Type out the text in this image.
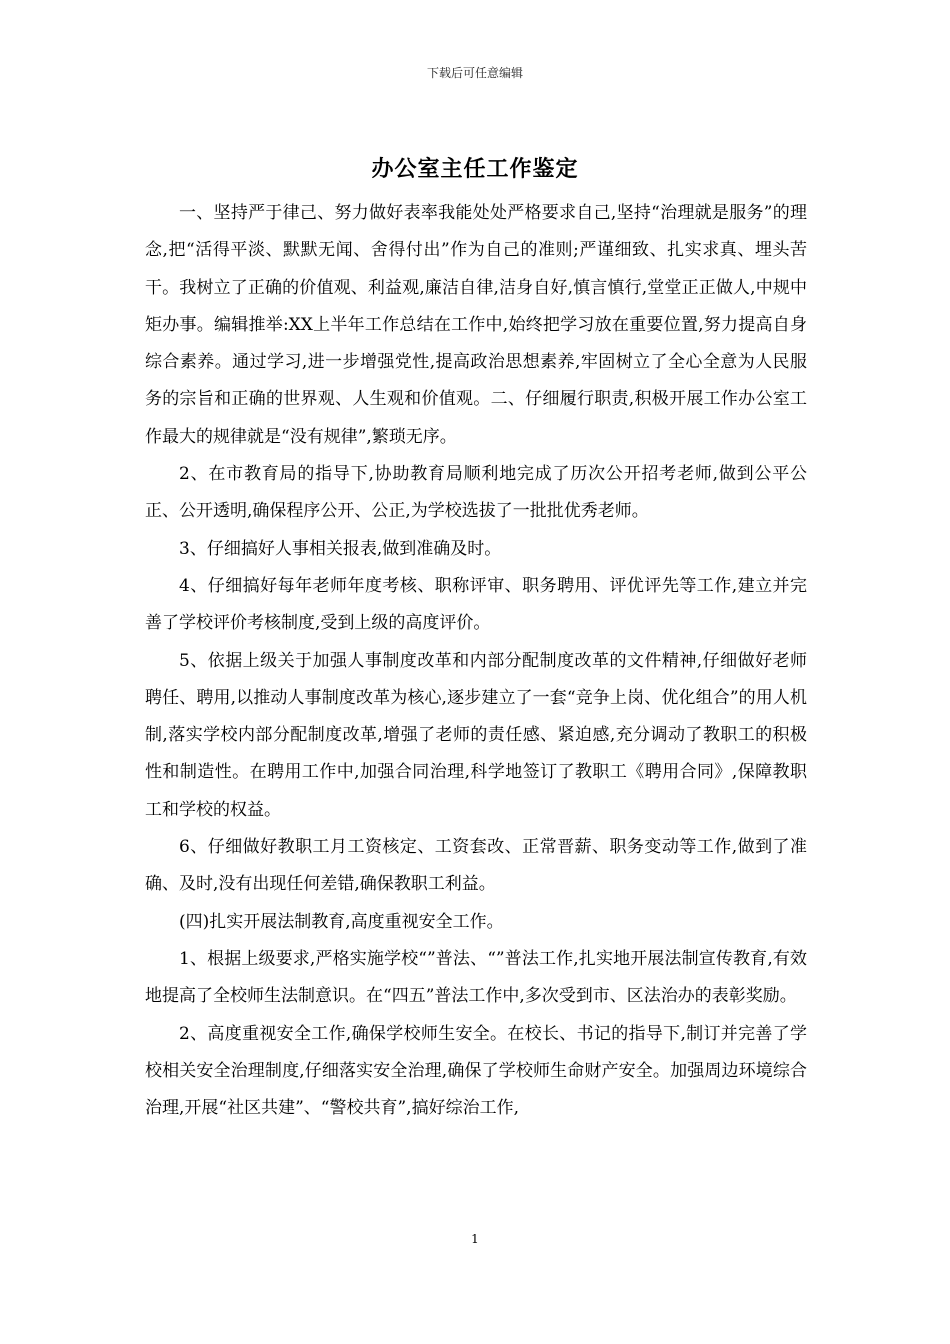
下载后可任意编辑
办公室主任工作鉴定

一、坚持严于律己、努力做好表率我能处处严格要求自己,坚持“治理就是服务”的理念,把“活得平淡、默默无闻、舍得付出”作为自己的准则;严谨细致、扎实求真、埋头苦干。我树立了正确的价值观、利益观,廉洁自律,洁身自好,慎言慎行,堂堂正正做人,中规中矩办事。编辑推举:XX上半年工作总结在工作中,始终把学习放在重要位置,努力提高自身综合素养。通过学习,进一步增强党性,提高政治思想素养,牢固树立了全心全意为人民服务的宗旨和正确的世界观、人生观和价值观。二、仔细履行职责,积极开展工作办公室工作最大的规律就是“没有规律”,繁琐无序。

2、在市教育局的指导下,协助教育局顺利地完成了历次公开招考老师,做到公平公正、公开透明,确保程序公开、公正,为学校选拔了一批批优秀老师。

3、仔细搞好人事相关报表,做到准确及时。

4、仔细搞好每年老师年度考核、职称评审、职务聘用、评优评先等工作,建立并完善了学校评价考核制度,受到上级的高度评价。

5、依据上级关于加强人事制度改革和内部分配制度改革的文件精神,仔细做好老师聘任、聘用,以推动人事制度改革为核心,逐步建立了一套“竞争上岗、优化组合”的用人机制,落实学校内部分配制度改革,增强了老师的责任感、紧迫感,充分调动了教职工的积极性和制造性。在聘用工作中,加强合同治理,科学地签订了教职工《聘用合同》,保障教职工和学校的权益。

6、仔细做好教职工月工资核定、工资套改、正常晋薪、职务变动等工作,做到了准确、及时,没有出现任何差错,确保教职工利益。

(四)扎实开展法制教育,高度重视安全工作。

1、根据上级要求,严格实施学校“”普法、“”普法工作,扎实地开展法制宣传教育,有效地提高了全校师生法制意识。在“四五”普法工作中,多次受到市、区法治办的表彰奖励。

2、高度重视安全工作,确保学校师生安全。在校长、书记的指导下,制订并完善了学校相关安全治理制度,仔细落实安全治理,确保了学校师生命财产安全。加强周边环境综合治理,开展“社区共建”、“警校共育”,搞好综治工作,

1
